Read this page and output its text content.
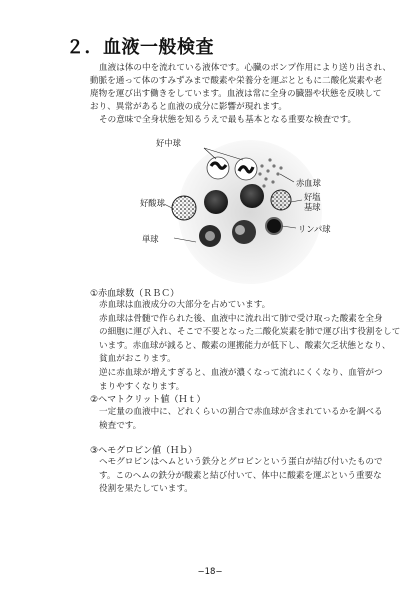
２．血液一般検査
血液は体の中を流れている液体です。心臓のポンプ作用により送り出され、
動脈を通って体のすみずみまで酸素や栄養分を運ぶとともに二酸化炭素や老
廃物を運び出す働きをしています。血液は常に全身の臓器や状態を反映して
おり、異常があると血液の成分に影響が現れます。
その意味で全身状態を知るうえで最も基本となる重要な検査です。
好中球
赤血球
好酸球
好塩
基球
リンパ球
単球
①赤血球数（ＲＢＣ）
赤血球は血液成分の大部分を占めています。
赤血球は骨髄で作られた後、血液中に流れ出て肺で受け取った酸素を全身
の細胞に運び入れ、そこで不要となった二酸化炭素を肺で運び出す役割をして
います。赤血球が減ると、酸素の運搬能力が低下し、酸素欠乏状態となり、
貧血がおこります。
逆に赤血球が増えすぎると、血液が濃くなって流れにくくなり、血管がつ
まりやすくなります。
②ヘマトクリット値（Ｈｔ）
一定量の血液中に、どれくらいの割合で赤血球が含まれているかを調べる
検査です。
③ヘモグロビン値（Ｈｂ）
ヘモグロビンはヘムという鉄分とグロビンという蛋白が結び付いたもので
す。このヘムの鉄分が酸素と結び付いて、体中に酸素を運ぶという重要な
役割を果たしています。
−18−
